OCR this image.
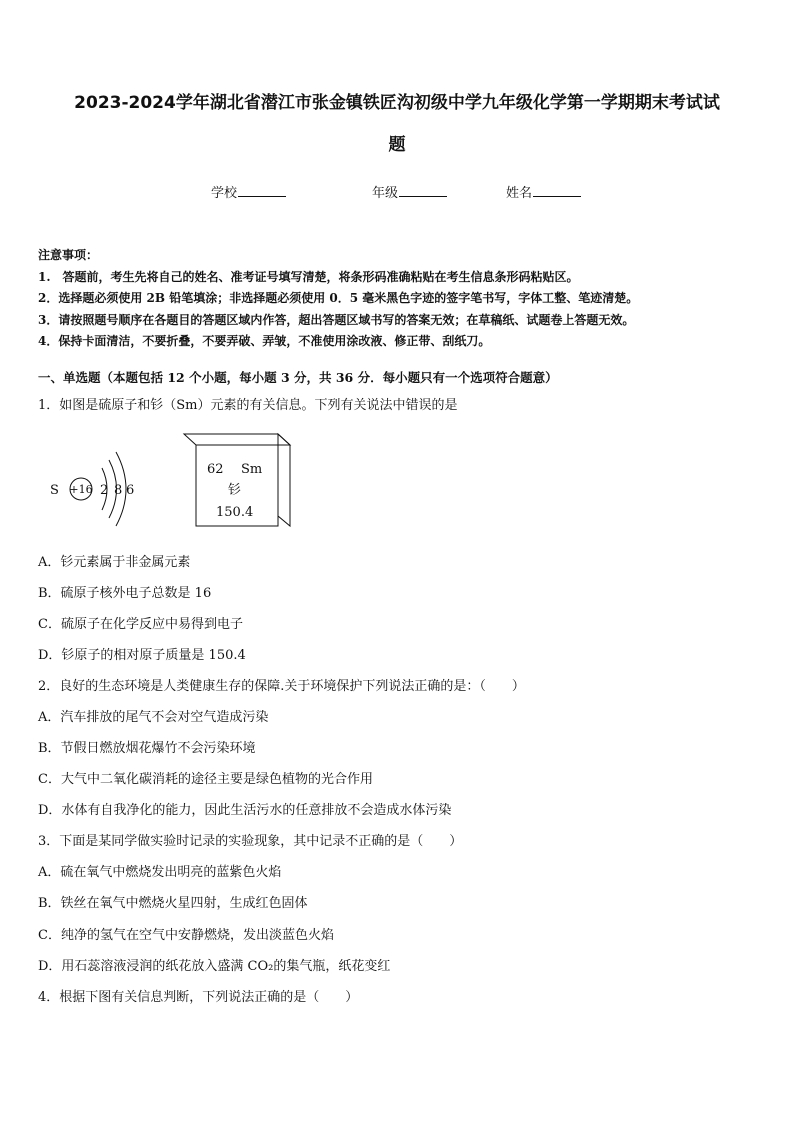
2023-2024学年湖北省潜江市张金镇铁匠沟初级中学九年级化学第一学期期末考试试
题
学校	年级	姓名
注意事项：
1.　答题前，考生先将自己的姓名、准考证号填写清楚，将条形码准确粘贴在考生信息条形码粘贴区。
2．选择题必须使用 2B 铅笔填涂；非选择题必须使用 0．5 毫米黑色字迹的签字笔书写，字体工整、笔迹清楚。
3．请按照题号顺序在各题目的答题区域内作答，超出答题区域书写的答案无效；在草稿纸、试题卷上答题无效。
4．保持卡面清洁，不要折叠，不要弄破、弄皱，不准使用涂改液、修正带、刮纸刀。
一、单选题（本题包括 12 个小题，每小题 3 分，共 36 分．每小题只有一个选项符合题意）
1．如图是硫原子和钐（Sm）元素的有关信息。下列有关说法中错误的是
S +16 2 8 6
62 Sm
钐
150.4
A．钐元素属于非金属元素
B．硫原子核外电子总数是 16
C．硫原子在化学反应中易得到电子
D．钐原子的相对原子质量是 150.4
2．良好的生态环境是人类健康生存的保障.关于环境保护下列说法正确的是：（　　）
A．汽车排放的尾气不会对空气造成污染
B．节假日燃放烟花爆竹不会污染环境
C．大气中二氧化碳消耗的途径主要是绿色植物的光合作用
D．水体有自我净化的能力，因此生活污水的任意排放不会造成水体污染
3．下面是某同学做实验时记录的实验现象，其中记录不正确的是（　　）
A．硫在氧气中燃烧发出明亮的蓝紫色火焰
B．铁丝在氧气中燃烧火星四射，生成红色固体
C．纯净的氢气在空气中安静燃烧，发出淡蓝色火焰
D．用石蕊溶液浸润的纸花放入盛满 CO₂的集气瓶，纸花变红
4．根据下图有关信息判断，下列说法正确的是（　　）
